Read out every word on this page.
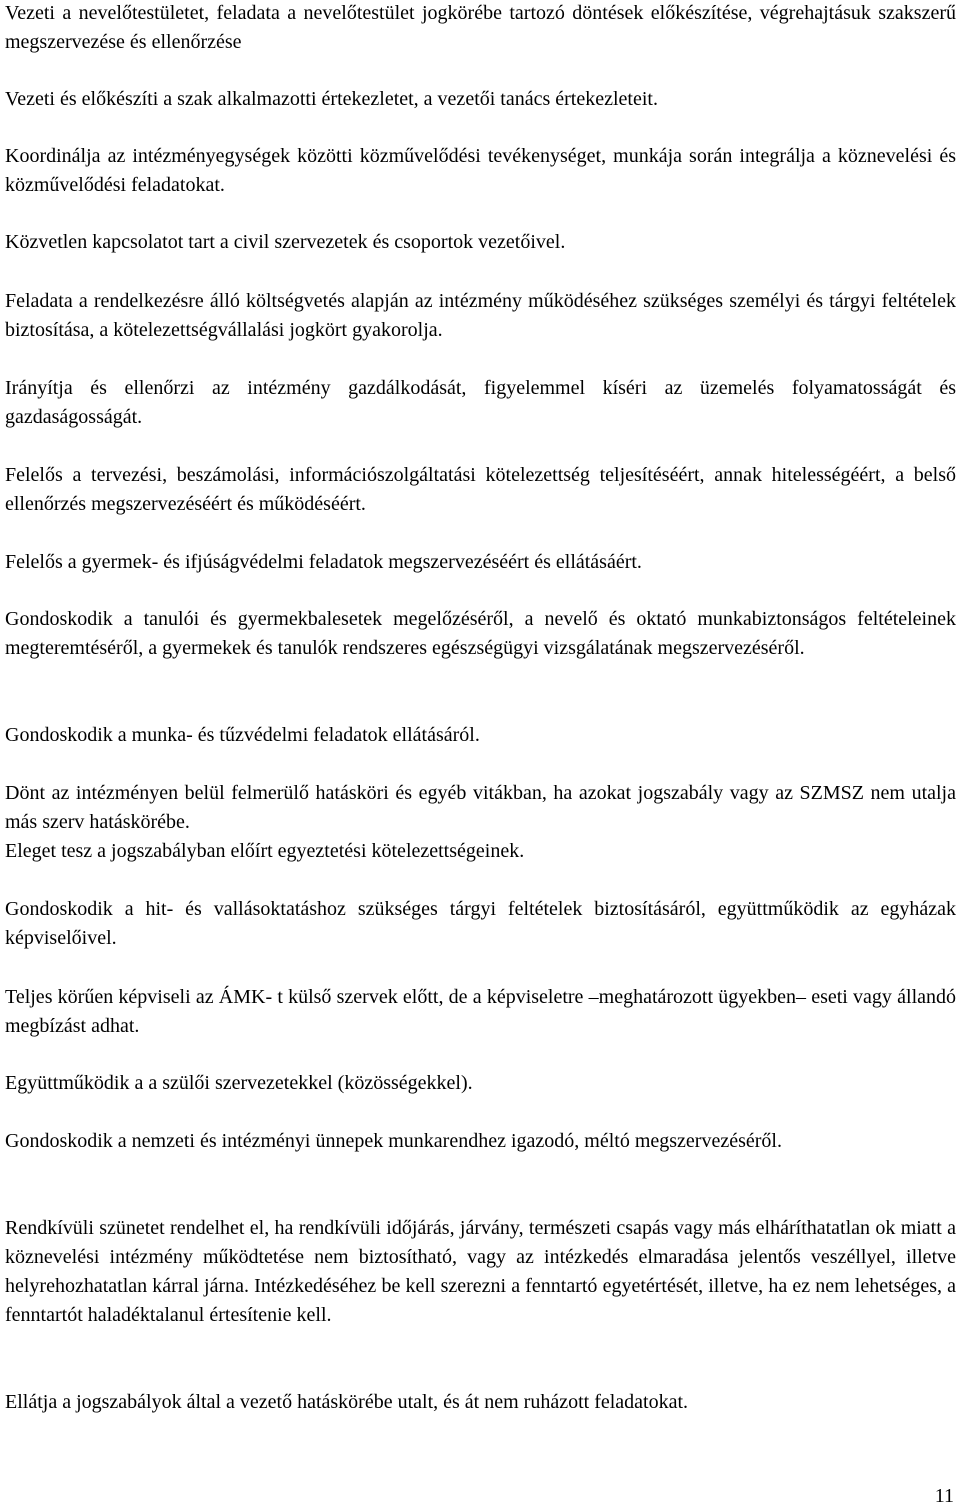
Vezeti a nevelőtestületet, feladata a nevelőtestület jogkörébe tartozó döntések előkészítése, végrehajtásuk szakszerű megszervezése és ellenőrzése

Vezeti és előkészíti a szak alkalmazotti értekezletet, a vezetői tanács értekezleteit.

Koordinálja az intézményegységek közötti közművelődési tevékenységet, munkája során integrálja a köznevelési és közművelődési feladatokat.

Közvetlen kapcsolatot tart a civil szervezetek és csoportok vezetőivel.

Feladata a rendelkezésre álló költségvetés alapján az intézmény működéséhez szükséges személyi és tárgyi feltételek biztosítása, a kötelezettségvállalási jogkört gyakorolja.

Irányítja és ellenőrzi az intézmény gazdálkodását, figyelemmel kíséri az üzemelés folyamatosságát és gazdaságosságát.

Felelős a tervezési, beszámolási, információszolgáltatási kötelezettség teljesítéséért, annak hitelességéért, a belső ellenőrzés megszervezéséért és működéséért.

Felelős a gyermek- és ifjúságvédelmi feladatok megszervezéséért és ellátásáért.

Gondoskodik a tanulói és gyermekbalesetek megelőzéséről, a nevelő és oktató munkabiztonságos feltételeinek megteremtéséről, a gyermekek és tanulók rendszeres egészségügyi vizsgálatának megszervezéséről.

Gondoskodik a munka- és tűzvédelmi feladatok ellátásáról.

Dönt az intézményen belül felmerülő hatásköri és egyéb vitákban, ha azokat jogszabály vagy az SZMSZ nem utalja más szerv hatáskörébe.

Eleget tesz a jogszabályban előírt egyeztetési kötelezettségeinek.

Gondoskodik a hit- és vallásoktatáshoz szükséges tárgyi feltételek biztosításáról, együttműködik az egyházak képviselőivel.

Teljes körűen képviseli az ÁMK- t külső szervek előtt, de a képviseletre –meghatározott ügyekben– eseti vagy állandó megbízást adhat.

Együttműködik a a szülői szervezetekkel (közösségekkel).

Gondoskodik a nemzeti és intézményi ünnepek munkarendhez igazodó, méltó megszervezéséről.

Rendkívüli szünetet rendelhet el, ha rendkívüli időjárás, járvány, természeti csapás vagy más elháríthatatlan ok miatt a köznevelési intézmény működtetése nem biztosítható, vagy az intézkedés elmaradása jelentős veszéllyel, illetve helyrehozhatatlan kárral járna. Intézkedéséhez be kell szerezni a fenntartó egyetértését, illetve, ha ez nem lehetséges, a fenntartót haladéktalanul értesítenie kell.

Ellátja a jogszabályok által a vezető hatáskörébe utalt, és át nem ruházott feladatokat.

11
